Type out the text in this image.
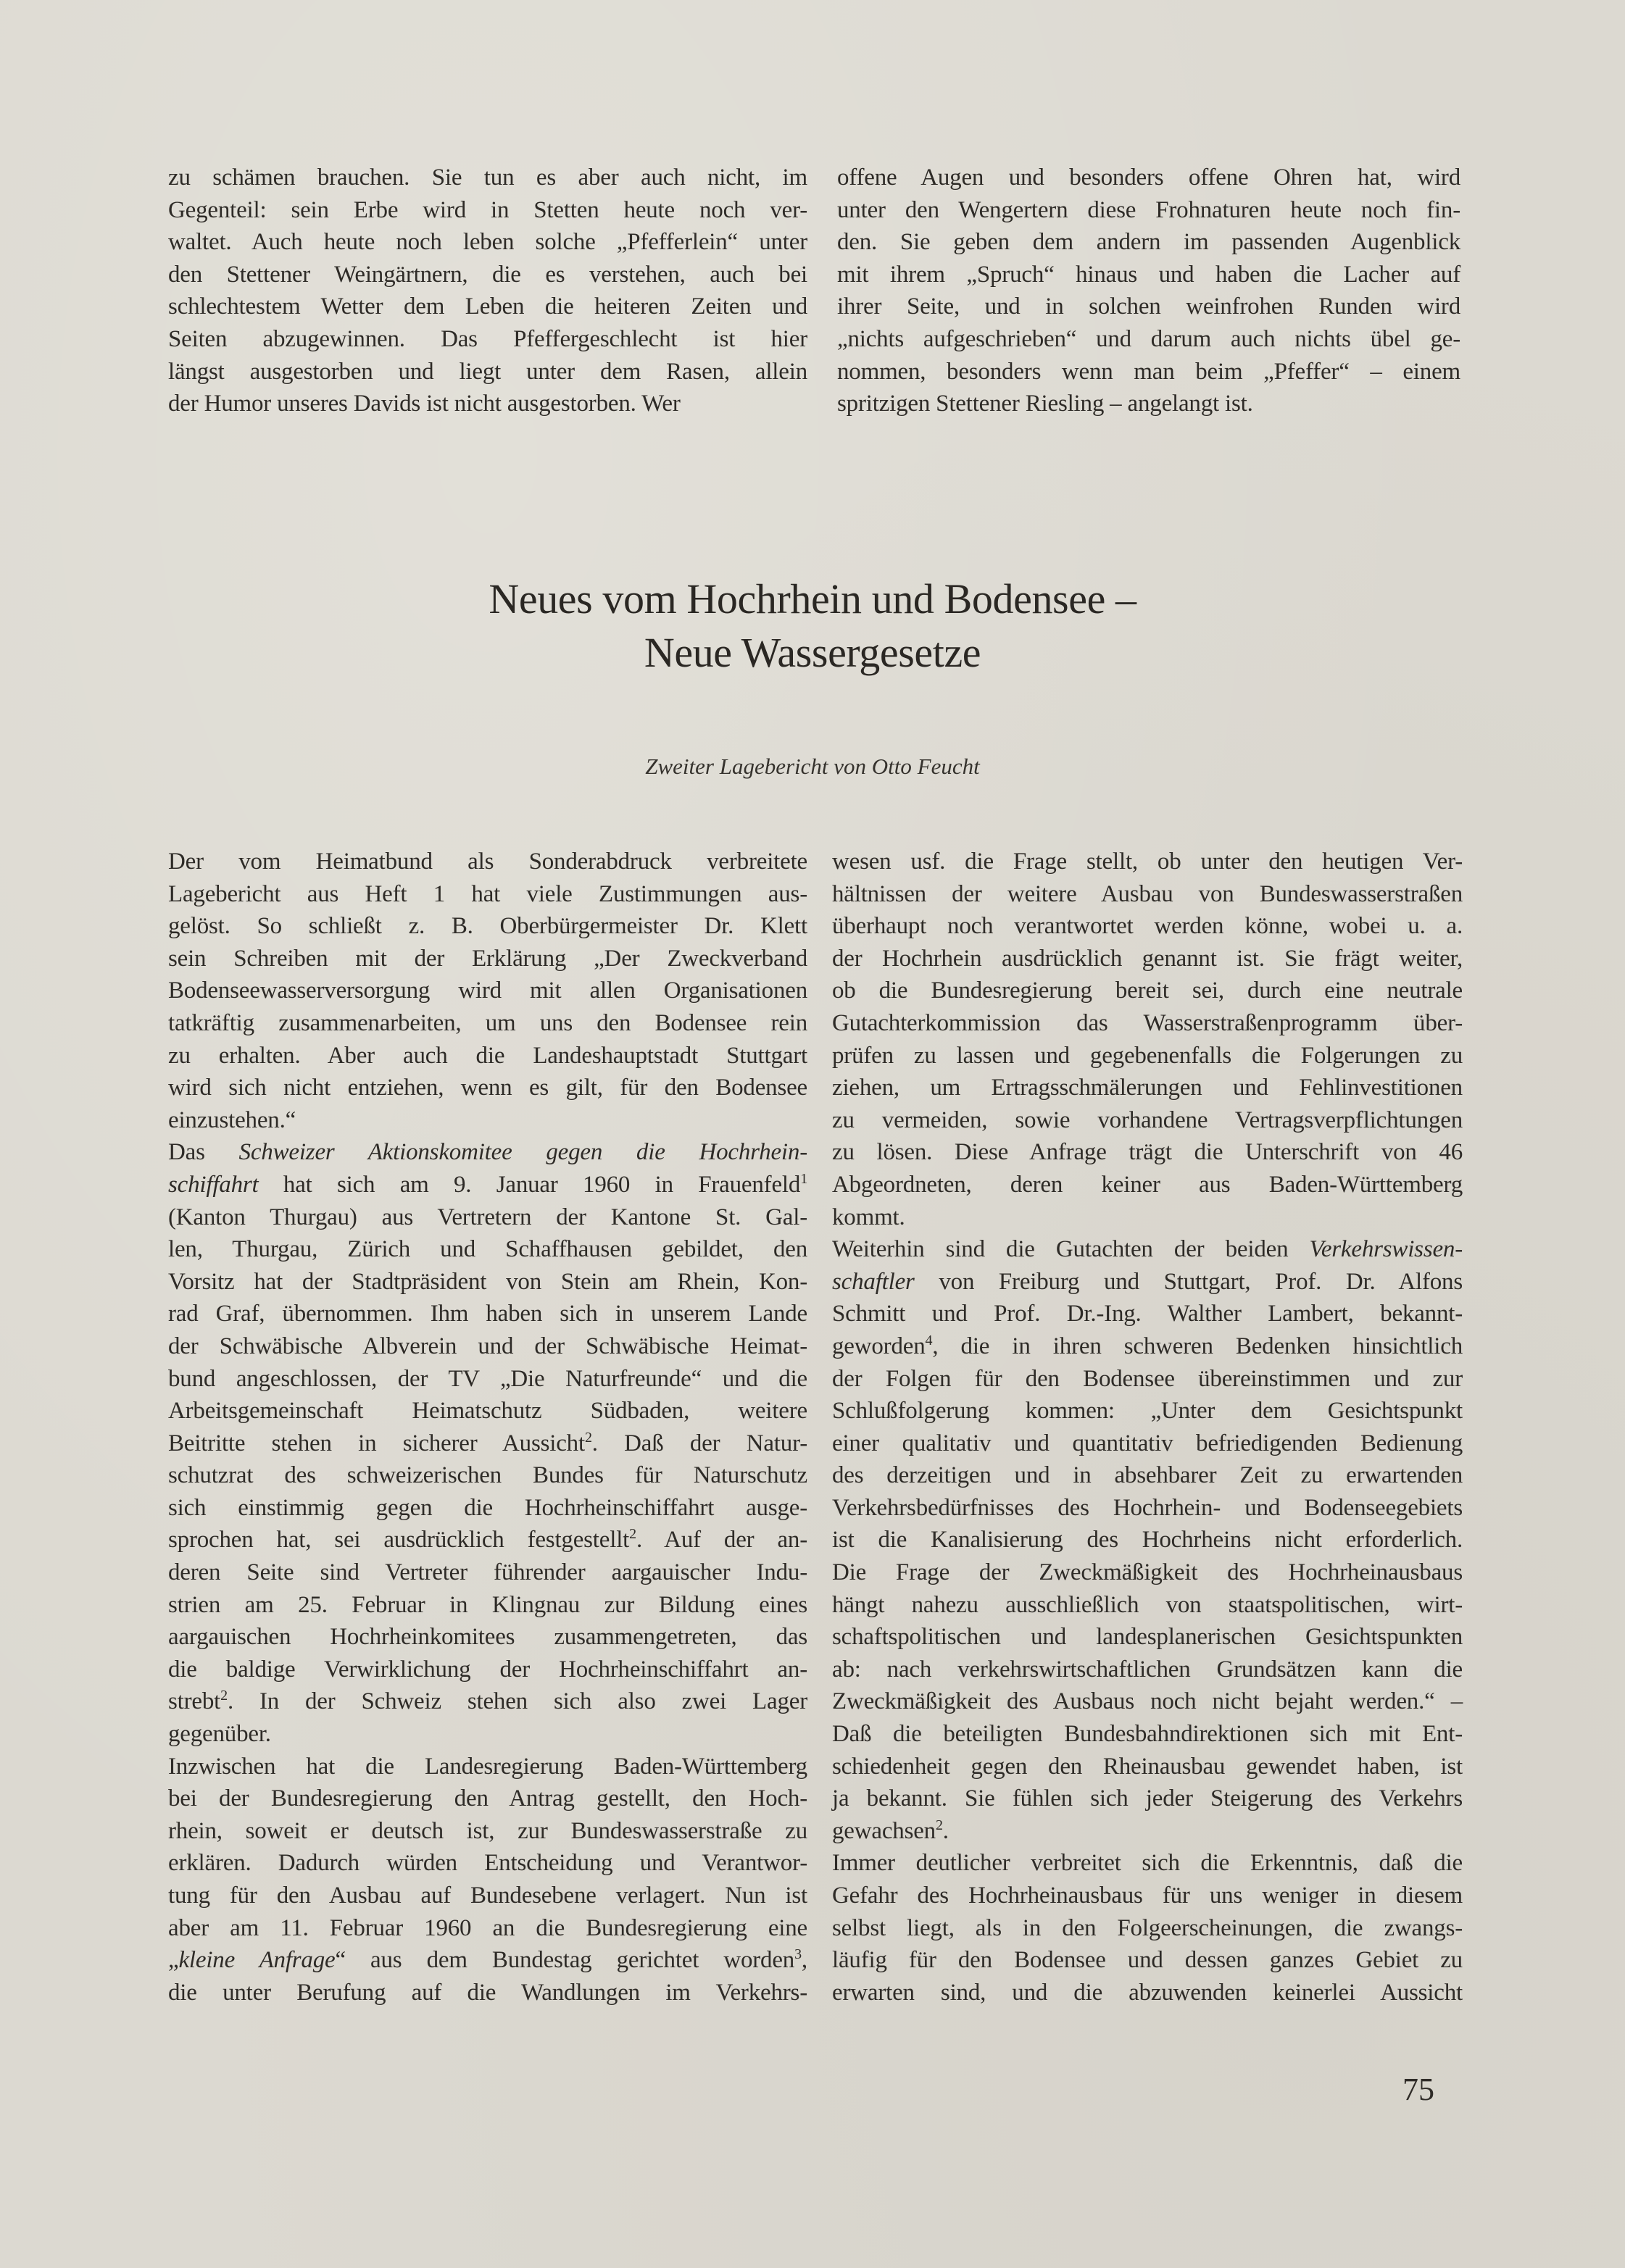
zu schämen brauchen. Sie tun es aber auch nicht, im
Gegenteil: sein Erbe wird in Stetten heute noch ver-
waltet. Auch heute noch leben solche „Pfefferlein“ unter
den Stettener Weingärtnern, die es verstehen, auch bei
schlechtestem Wetter dem Leben die heiteren Zeiten und
Seiten abzugewinnen. Das Pfeffergeschlecht ist hier
längst ausgestorben und liegt unter dem Rasen, allein
der Humor unseres Davids ist nicht ausgestorben. Wer
offene Augen und besonders offene Ohren hat, wird
unter den Wengertern diese Frohnaturen heute noch fin-
den. Sie geben dem andern im passenden Augenblick
mit ihrem „Spruch“ hinaus und haben die Lacher auf
ihrer Seite, und in solchen weinfrohen Runden wird
„nichts aufgeschrieben“ und darum auch nichts übel ge-
nommen, besonders wenn man beim „Pfeffer“ – einem
spritzigen Stettener Riesling – angelangt ist.
Neues vom Hochrhein und Bodensee –
Neue Wassergesetze
Zweiter Lagebericht von Otto Feucht
Der vom Heimatbund als Sonderabdruck verbreitete
Lagebericht aus Heft 1 hat viele Zustimmungen aus-
gelöst. So schließt z. B. Oberbürgermeister Dr. Klett
sein Schreiben mit der Erklärung „Der Zweckverband
Bodenseewasserversorgung wird mit allen Organisationen
tatkräftig zusammenarbeiten, um uns den Bodensee rein
zu erhalten. Aber auch die Landeshauptstadt Stuttgart
wird sich nicht entziehen, wenn es gilt, für den Bodensee
einzustehen.“
Das Schweizer Aktionskomitee gegen die Hochrhein-
schiffahrt hat sich am 9. Januar 1960 in Frauenfeld$^1$
(Kanton Thurgau) aus Vertretern der Kantone St. Gal-
len, Thurgau, Zürich und Schaffhausen gebildet, den
Vorsitz hat der Stadtpräsident von Stein am Rhein, Kon-
rad Graf, übernommen. Ihm haben sich in unserem Lande
der Schwäbische Albverein und der Schwäbische Heimat-
bund angeschlossen, der TV „Die Naturfreunde“ und die
Arbeitsgemeinschaft Heimatschutz Südbaden, weitere
Beitritte stehen in sicherer Aussicht$^2$. Daß der Natur-
schutzrat des schweizerischen Bundes für Naturschutz
sich einstimmig gegen die Hochrheinschiffahrt ausge-
sprochen hat, sei ausdrücklich festgestellt$^2$. Auf der an-
deren Seite sind Vertreter führender aargauischer Indu-
strien am 25. Februar in Klingnau zur Bildung eines
aargauischen Hochrheinkomitees zusammengetreten, das
die baldige Verwirklichung der Hochrheinschiffahrt an-
strebt$^2$. In der Schweiz stehen sich also zwei Lager
gegenüber.
Inzwischen hat die Landesregierung Baden-Württemberg
bei der Bundesregierung den Antrag gestellt, den Hoch-
rhein, soweit er deutsch ist, zur Bundeswasserstraße zu
erklären. Dadurch würden Entscheidung und Verantwor-
tung für den Ausbau auf Bundesebene verlagert. Nun ist
aber am 11. Februar 1960 an die Bundesregierung eine
„kleine Anfrage“ aus dem Bundestag gerichtet worden$^3$,
die unter Berufung auf die Wandlungen im Verkehrs-
wesen usf. die Frage stellt, ob unter den heutigen Ver-
hältnissen der weitere Ausbau von Bundeswasserstraßen
überhaupt noch verantwortet werden könne, wobei u. a.
der Hochrhein ausdrücklich genannt ist. Sie frägt weiter,
ob die Bundesregierung bereit sei, durch eine neutrale
Gutachterkommission das Wasserstraßenprogramm über-
prüfen zu lassen und gegebenenfalls die Folgerungen zu
ziehen, um Ertragsschmälerungen und Fehlinvestitionen
zu vermeiden, sowie vorhandene Vertragsverpflichtungen
zu lösen. Diese Anfrage trägt die Unterschrift von 46
Abgeordneten, deren keiner aus Baden-Württemberg
kommt.
Weiterhin sind die Gutachten der beiden Verkehrswissen-
schaftler von Freiburg und Stuttgart, Prof. Dr. Alfons
Schmitt und Prof. Dr.-Ing. Walther Lambert, bekannt-
geworden$^4$, die in ihren schweren Bedenken hinsichtlich
der Folgen für den Bodensee übereinstimmen und zur
Schlußfolgerung kommen: „Unter dem Gesichtspunkt
einer qualitativ und quantitativ befriedigenden Bedienung
des derzeitigen und in absehbarer Zeit zu erwartenden
Verkehrsbedürfnisses des Hochrhein- und Bodenseegebiets
ist die Kanalisierung des Hochrheins nicht erforderlich.
Die Frage der Zweckmäßigkeit des Hochrheinausbaus
hängt nahezu ausschließlich von staatspolitischen, wirt-
schaftspolitischen und landesplanerischen Gesichtspunkten
ab: nach verkehrswirtschaftlichen Grundsätzen kann die
Zweckmäßigkeit des Ausbaus noch nicht bejaht werden.“ –
Daß die beteiligten Bundesbahndirektionen sich mit Ent-
schiedenheit gegen den Rheinausbau gewendet haben, ist
ja bekannt. Sie fühlen sich jeder Steigerung des Verkehrs
gewachsen$^2$.
Immer deutlicher verbreitet sich die Erkenntnis, daß die
Gefahr des Hochrheinausbaus für uns weniger in diesem
selbst liegt, als in den Folgeerscheinungen, die zwangs-
läufig für den Bodensee und dessen ganzes Gebiet zu
erwarten sind, und die abzuwenden keinerlei Aussicht
75
